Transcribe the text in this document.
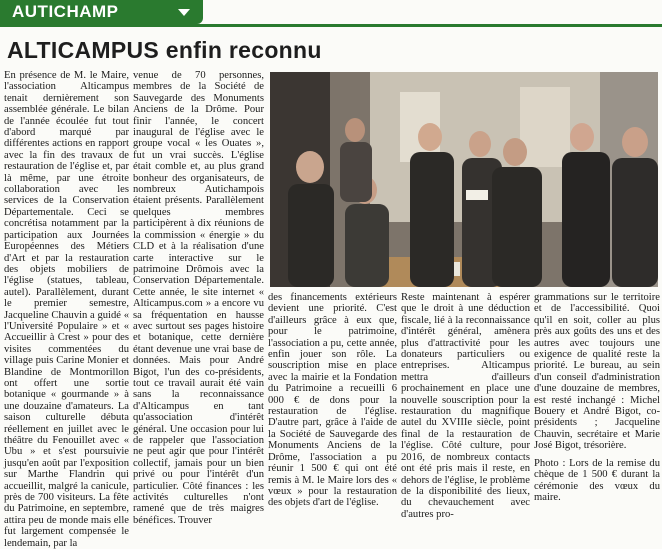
AUTICHAMP
ALTICAMPUS enfin reconnu

En présence de M. le Maire, l'association Alticampus tenait dernièrement son assemblée générale. Le bilan de l'année écoulée fut tout d'abord marqué par différentes actions en rapport avec la fin des travaux de restauration de l'église et, par là même, par une étroite collaboration avec les services de la Conservation Départementale. Ceci se concrétisa notamment par la participation aux Journées Européennes des Métiers d'Art et par la restauration des objets mobiliers de l'église (statues, tableau, autel). Parallèlement, durant le premier semestre, Jacqueline Chauvin a guidé « l'Université Populaire » et « Accueillir à Crest » pour des visites commentées du village puis Carine Monier et Blandine de Montmorillon ont offert une sortie botanique « gourmande » à une douzaine d'amateurs. La saison culturelle débuta réellement en juillet avec le théâtre du Fenouillet avec « Ubu » et s'est poursuivie jusqu'en août par l'exposition sur Marthe Flandrin qui accueillit, malgré la canicule, près de 700 visiteurs. La fête du Patrimoine, en septembre, attira peu de monde mais elle fut largement compensée le lendemain, par la

venue de 70 personnes, membres de la Société de Sauvegarde des Monuments Anciens de la Drôme. Pour finir l'année, le concert inaugural de l'église avec le groupe vocal « les Ouates », fut un vrai succès. L'église était comble et, au plus grand bonheur des organisateurs, de nombreux Autichampois étaient présents. Parallèlement quelques membres participèrent à dix réunions de la commission « énergie » du CLD et à la réalisation d'une carte interactive sur le patrimoine Drômois avec la Conservation Départementale. Cette année, le site internet « Alticampus.com » a encore vu sa fréquentation en hausse avec surtout ses pages histoire et botanique, cette dernière étant devenue une vrai base de données. Mais pour André Bigot, l'un des co-présidents, tout ce travail aurait été vain sans la reconnaissance d'Alticampus en tant qu'association d'intérêt général. Une occasion pour lui de rappeler que l'association ne peut agir que pour l'intérêt collectif, jamais pour un bien privé ou pour l'intérêt d'un particulier. Côté finances : les activités culturelles n'ont ramené que de très maigres bénéfices. Trouver

des financements extérieurs devient une priorité. C'est d'ailleurs grâce à eux que, pour le patrimoine, l'association a pu, cette année, enfin jouer son rôle. La souscription mise en place avec la mairie et la Fondation du Patrimoine a recueilli 6 000 € de dons pour la restauration de l'église. D'autre part, grâce à l'aide de la Société de Sauvegarde des Monuments Anciens de la Drôme, l'association a pu réunir 1 500 € qui ont été remis à M. le Maire lors des « vœux » pour la restauration des objets d'art de l'église.

Reste maintenant à espérer que le droit à une déduction fiscale, lié à la reconnaissance d'intérêt général, amènera plus d'attractivité pour les donateurs particuliers ou entreprises. Alticampus mettra d'ailleurs prochainement en place une nouvelle souscription pour la restauration du magnifique autel du XVIIIe siècle, point final de la restauration de l'église. Côté culture, pour 2016, de nombreux contacts ont été pris mais il reste, en dehors de l'église, le problème de la disponibilité des lieux, du chevauchement avec d'autres pro-

grammations sur le territoire et de l'accessibilité. Quoi qu'il en soit, coller au plus près aux goûts des uns et des autres avec toujours une exigence de qualité reste la priorité. Le bureau, au sein d'un conseil d'administration d'une douzaine de membres, est resté inchangé : Michel Bouery et André Bigot, co-présidents ; Jacqueline Chauvin, secrétaire et Marie José Bigot, trésorière.

Photo : Lors de la remise du chèque de 1 500 € durant la cérémonie des vœux du maire.
